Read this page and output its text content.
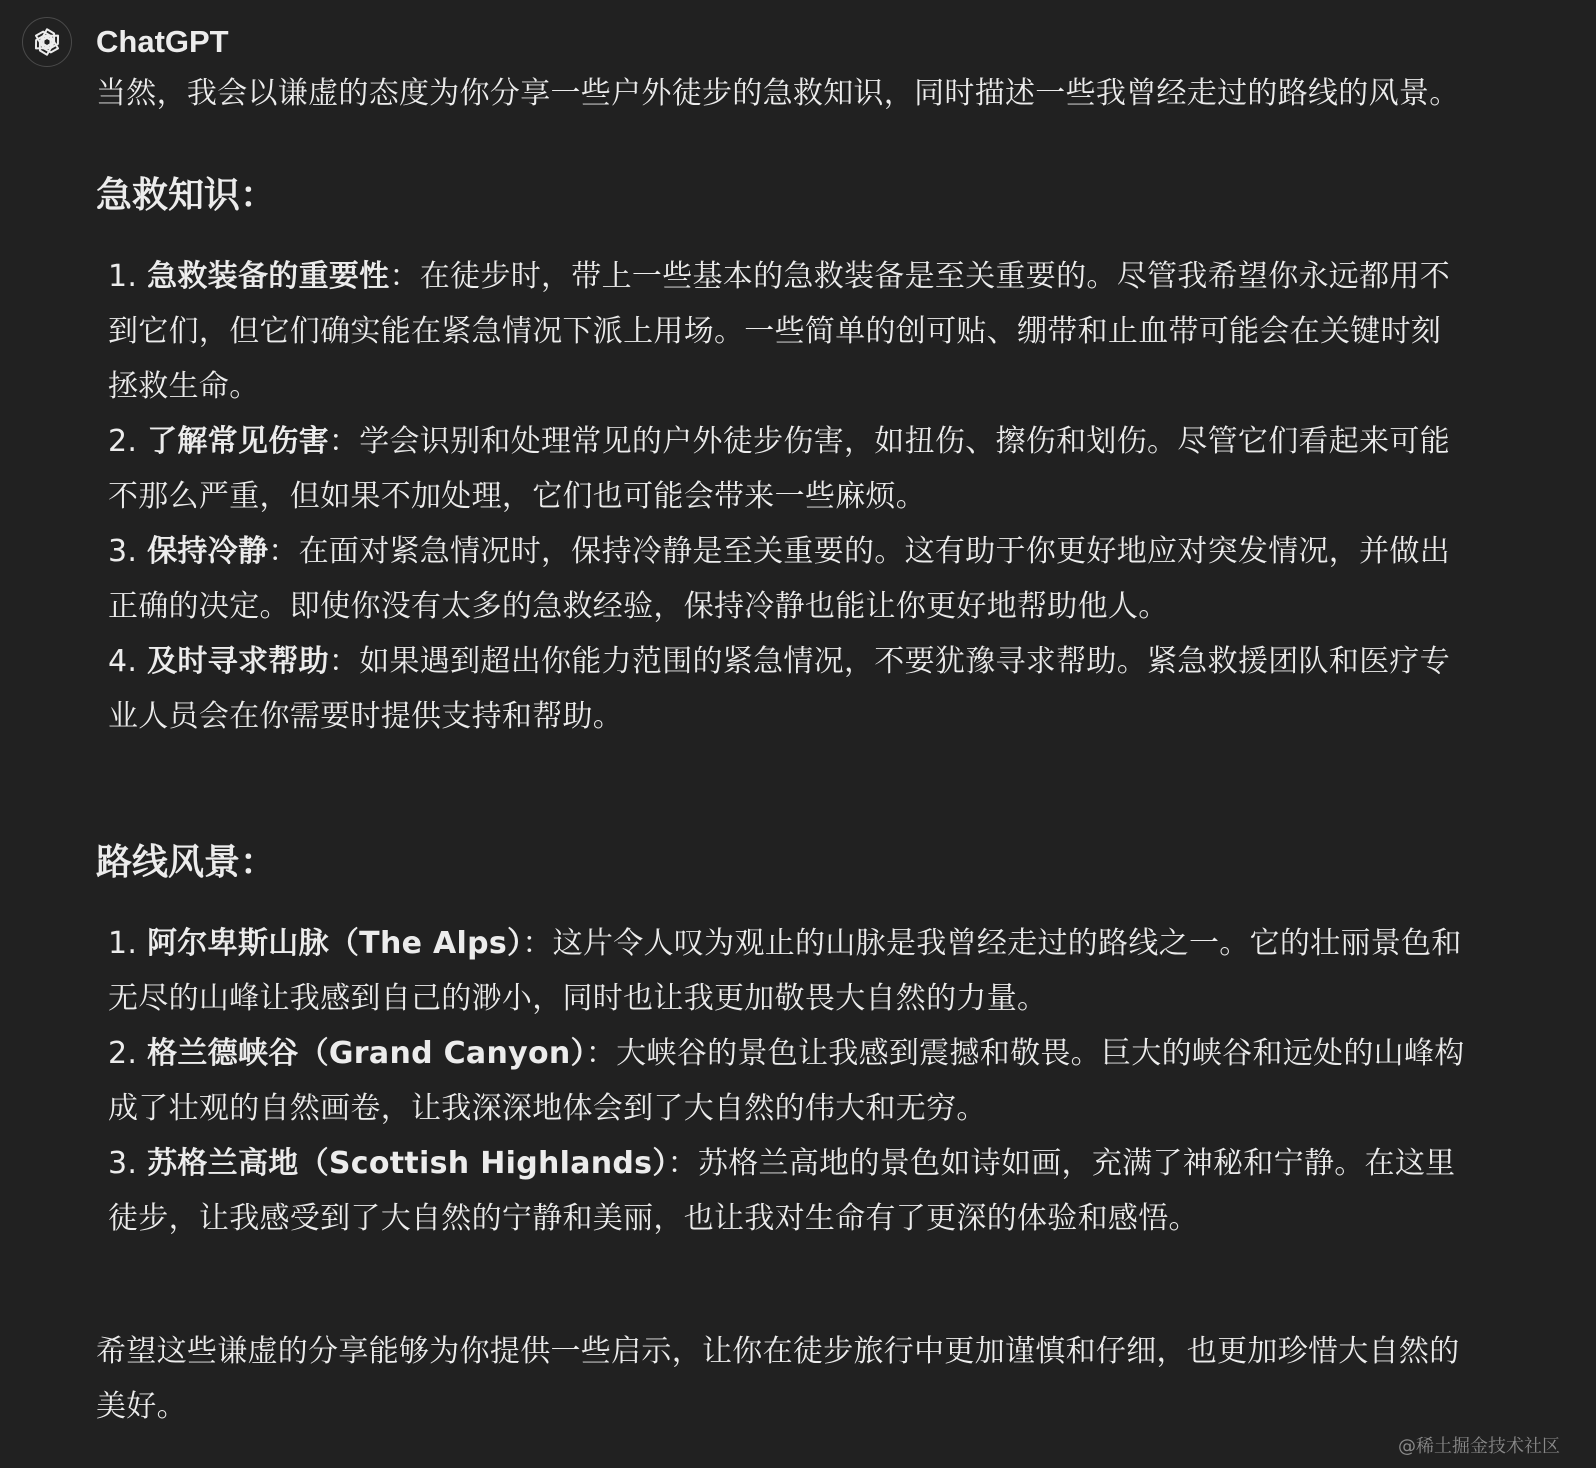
ChatGPT

当然，我会以谦虚的态度为你分享一些户外徒步的急救知识，同时描述一些我曾经走过的路线的风景。

急救知识：
1. 急救装备的重要性：在徒步时，带上一些基本的急救装备是至关重要的。尽管我希望你永远都用不到它们，但它们确实能在紧急情况下派上用场。一些简单的创可贴、绷带和止血带可能会在关键时刻拯救生命。
2. 了解常见伤害：学会识别和处理常见的户外徒步伤害，如扭伤、擦伤和划伤。尽管它们看起来可能不那么严重，但如果不加处理，它们也可能会带来一些麻烦。
3. 保持冷静：在面对紧急情况时，保持冷静是至关重要的。这有助于你更好地应对突发情况，并做出正确的决定。即使你没有太多的急救经验，保持冷静也能让你更好地帮助他人。
4. 及时寻求帮助：如果遇到超出你能力范围的紧急情况，不要犹豫寻求帮助。紧急救援团队和医疗专业人员会在你需要时提供支持和帮助。
路线风景：
1. 阿尔卑斯山脉（The Alps）：这片令人叹为观止的山脉是我曾经走过的路线之一。它的壮丽景色和无尽的山峰让我感到自己的渺小，同时也让我更加敬畏大自然的力量。
2. 格兰德峡谷（Grand Canyon）：大峡谷的景色让我感到震撼和敬畏。巨大的峡谷和远处的山峰构成了壮观的自然画卷，让我深深地体会到了大自然的伟大和无穷。
3. 苏格兰高地（Scottish Highlands）：苏格兰高地的景色如诗如画，充满了神秘和宁静。在这里徒步，让我感受到了大自然的宁静和美丽，也让我对生命有了更深的体验和感悟。

希望这些谦虚的分享能够为你提供一些启示，让你在徒步旅行中更加谨慎和仔细，也更加珍惜大自然的美好。

@稀土掘金技术社区
